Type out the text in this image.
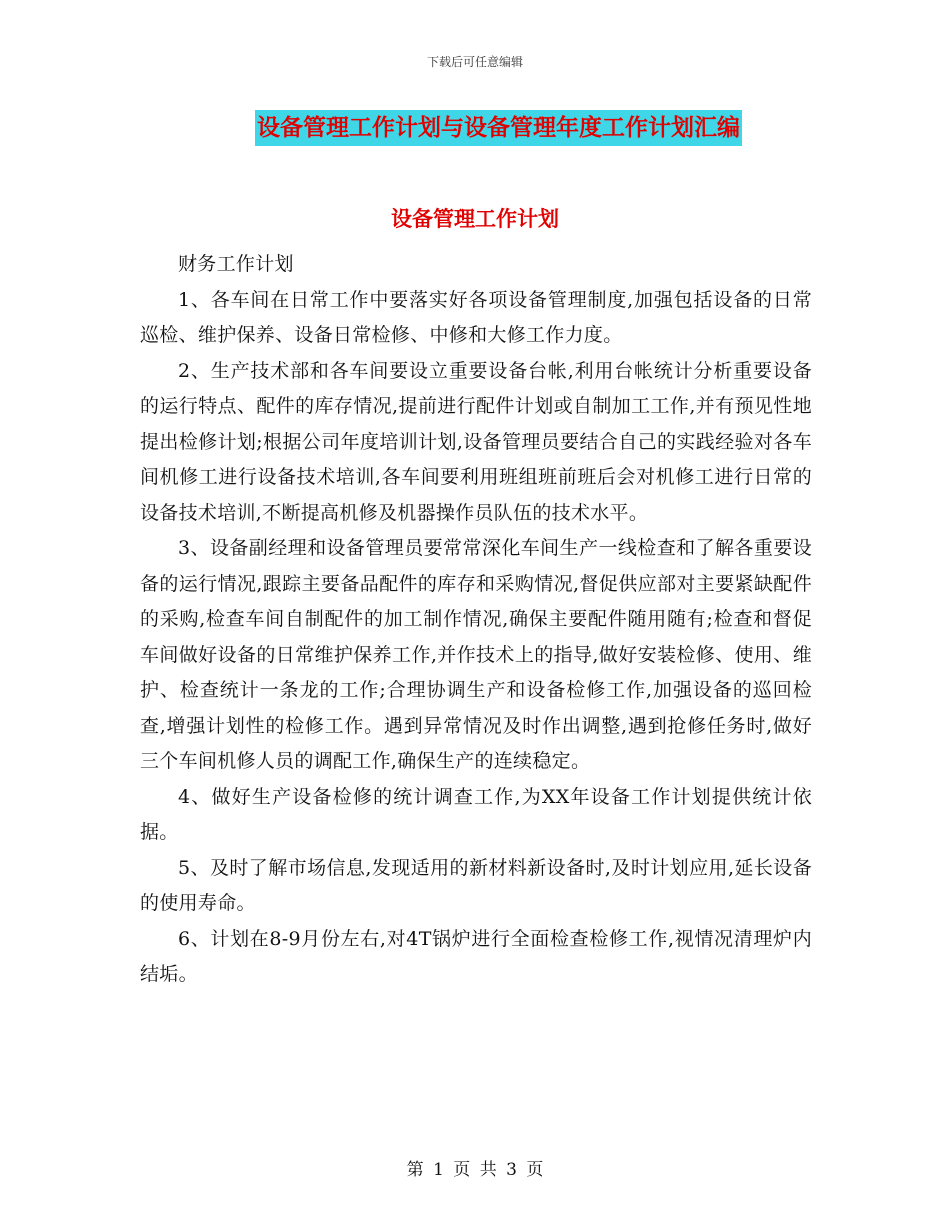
下载后可任意编辑
设备管理工作计划与设备管理年度工作计划汇编
设备管理工作计划

财务工作计划

1、各车间在日常工作中要落实好各项设备管理制度,加强包括设备的日常巡检、维护保养、设备日常检修、中修和大修工作力度。

2、生产技术部和各车间要设立重要设备台帐,利用台帐统计分析重要设备的运行特点、配件的库存情况,提前进行配件计划或自制加工工作,并有预见性地提出检修计划;根据公司年度培训计划,设备管理员要结合自己的实践经验对各车间机修工进行设备技术培训,各车间要利用班组班前班后会对机修工进行日常的设备技术培训,不断提高机修及机器操作员队伍的技术水平。

3、设备副经理和设备管理员要常常深化车间生产一线检查和了解各重要设备的运行情况,跟踪主要备品配件的库存和采购情况,督促供应部对主要紧缺配件的采购,检查车间自制配件的加工制作情况,确保主要配件随用随有;检查和督促车间做好设备的日常维护保养工作,并作技术上的指导,做好安装检修、使用、维护、检查统计一条龙的工作;合理协调生产和设备检修工作,加强设备的巡回检查,增强计划性的检修工作。遇到异常情况及时作出调整,遇到抢修任务时,做好三个车间机修人员的调配工作,确保生产的连续稳定。

4、做好生产设备检修的统计调查工作,为XX年设备工作计划提供统计依据。

5、及时了解市场信息,发现适用的新材料新设备时,及时计划应用,延长设备的使用寿命。

6、计划在8-9月份左右,对4T锅炉进行全面检查检修工作,视情况清理炉内结垢。

第 1 页 共 3 页
